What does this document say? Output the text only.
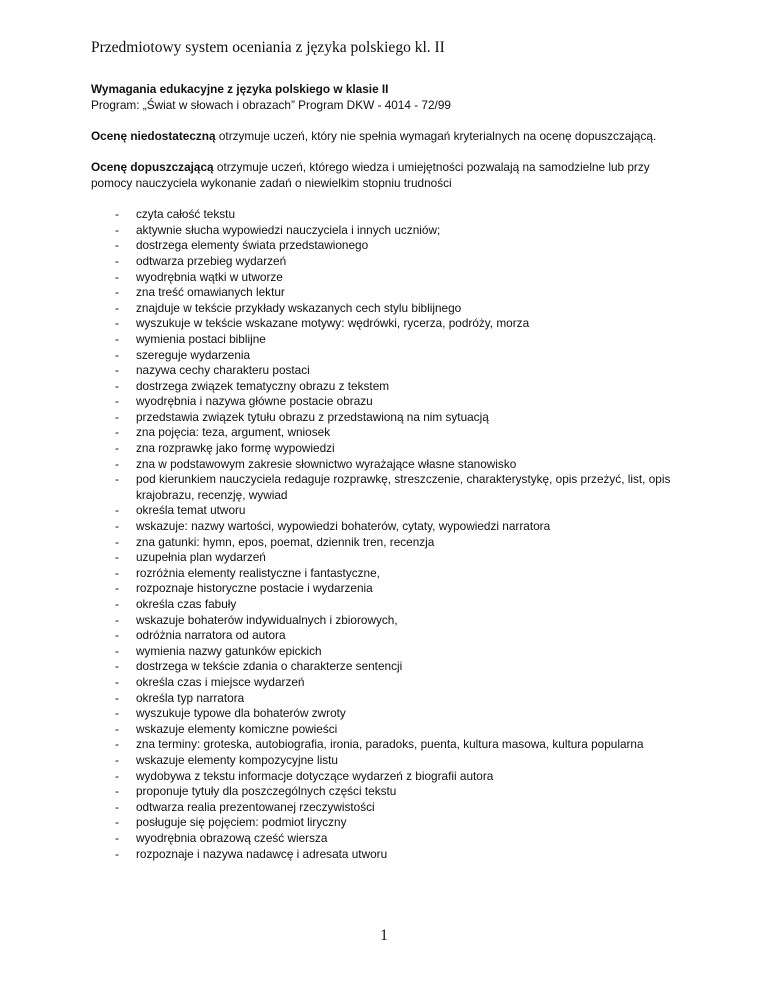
Przedmiotowy system oceniania z języka polskiego kl. II

Wymagania edukacyjne z języka polskiego w klasie II

Program: „Świat w słowach i obrazach” Program DKW - 4014 - 72/99

Ocenę niedostateczną otrzymuje uczeń, który nie spełnia wymagań kryterialnych na ocenę dopuszczającą.

Ocenę dopuszczającą otrzymuje uczeń, którego wiedza i umiejętności pozwalają na samodzielne lub przy pomocy nauczyciela wykonanie zadań o niewielkim stopniu trudności

- czyta całość tekstu
- aktywnie słucha wypowiedzi nauczyciela i innych uczniów;
- dostrzega elementy świata przedstawionego
- odtwarza przebieg wydarzeń
- wyodrębnia wątki w utworze
- zna treść omawianych lektur
- znajduje w tekście przykłady wskazanych cech stylu biblijnego
- wyszukuje w tekście wskazane motywy: wędrówki, rycerza, podróży, morza
- wymienia postaci biblijne
- szereguje wydarzenia
- nazywa cechy charakteru postaci
- dostrzega związek tematyczny obrazu z tekstem
- wyodrębnia i nazywa główne postacie obrazu
- przedstawia związek tytułu obrazu z przedstawioną na nim sytuacją
- zna pojęcia: teza, argument, wniosek
- zna rozprawkę jako formę wypowiedzi
- zna w podstawowym zakresie słownictwo wyrażające własne stanowisko
- pod kierunkiem nauczyciela redaguje rozprawkę, streszczenie, charakterystykę, opis przeżyć, list, opis krajobrazu, recenzję, wywiad
- określa temat utworu
- wskazuje: nazwy wartości, wypowiedzi bohaterów, cytaty, wypowiedzi narratora
- zna gatunki: hymn, epos, poemat, dziennik tren, recenzja
- uzupełnia plan wydarzeń
- rozróżnia elementy realistyczne i fantastyczne,
- rozpoznaje historyczne postacie i wydarzenia
- określa czas fabuły
- wskazuje bohaterów indywidualnych i zbiorowych,
- odróżnia narratora od autora
- wymienia nazwy gatunków epickich
- dostrzega w tekście zdania o charakterze sentencji
- określa czas i miejsce wydarzeń
- określa typ narratora
- wyszukuje typowe dla bohaterów zwroty
- wskazuje elementy komiczne powieści
- zna terminy: groteska, autobiografia, ironia, paradoks, puenta, kultura masowa, kultura popularna
- wskazuje elementy kompozycyjne listu
- wydobywa z tekstu informacje dotyczące wydarzeń z biografii autora
- proponuje tytuły dla poszczególnych części tekstu
- odtwarza realia prezentowanej rzeczywistości
- posługuje się pojęciem: podmiot liryczny
- wyodrębnia obrazową cześć wiersza
- rozpoznaje i nazywa nadawcę i adresata utworu
1
